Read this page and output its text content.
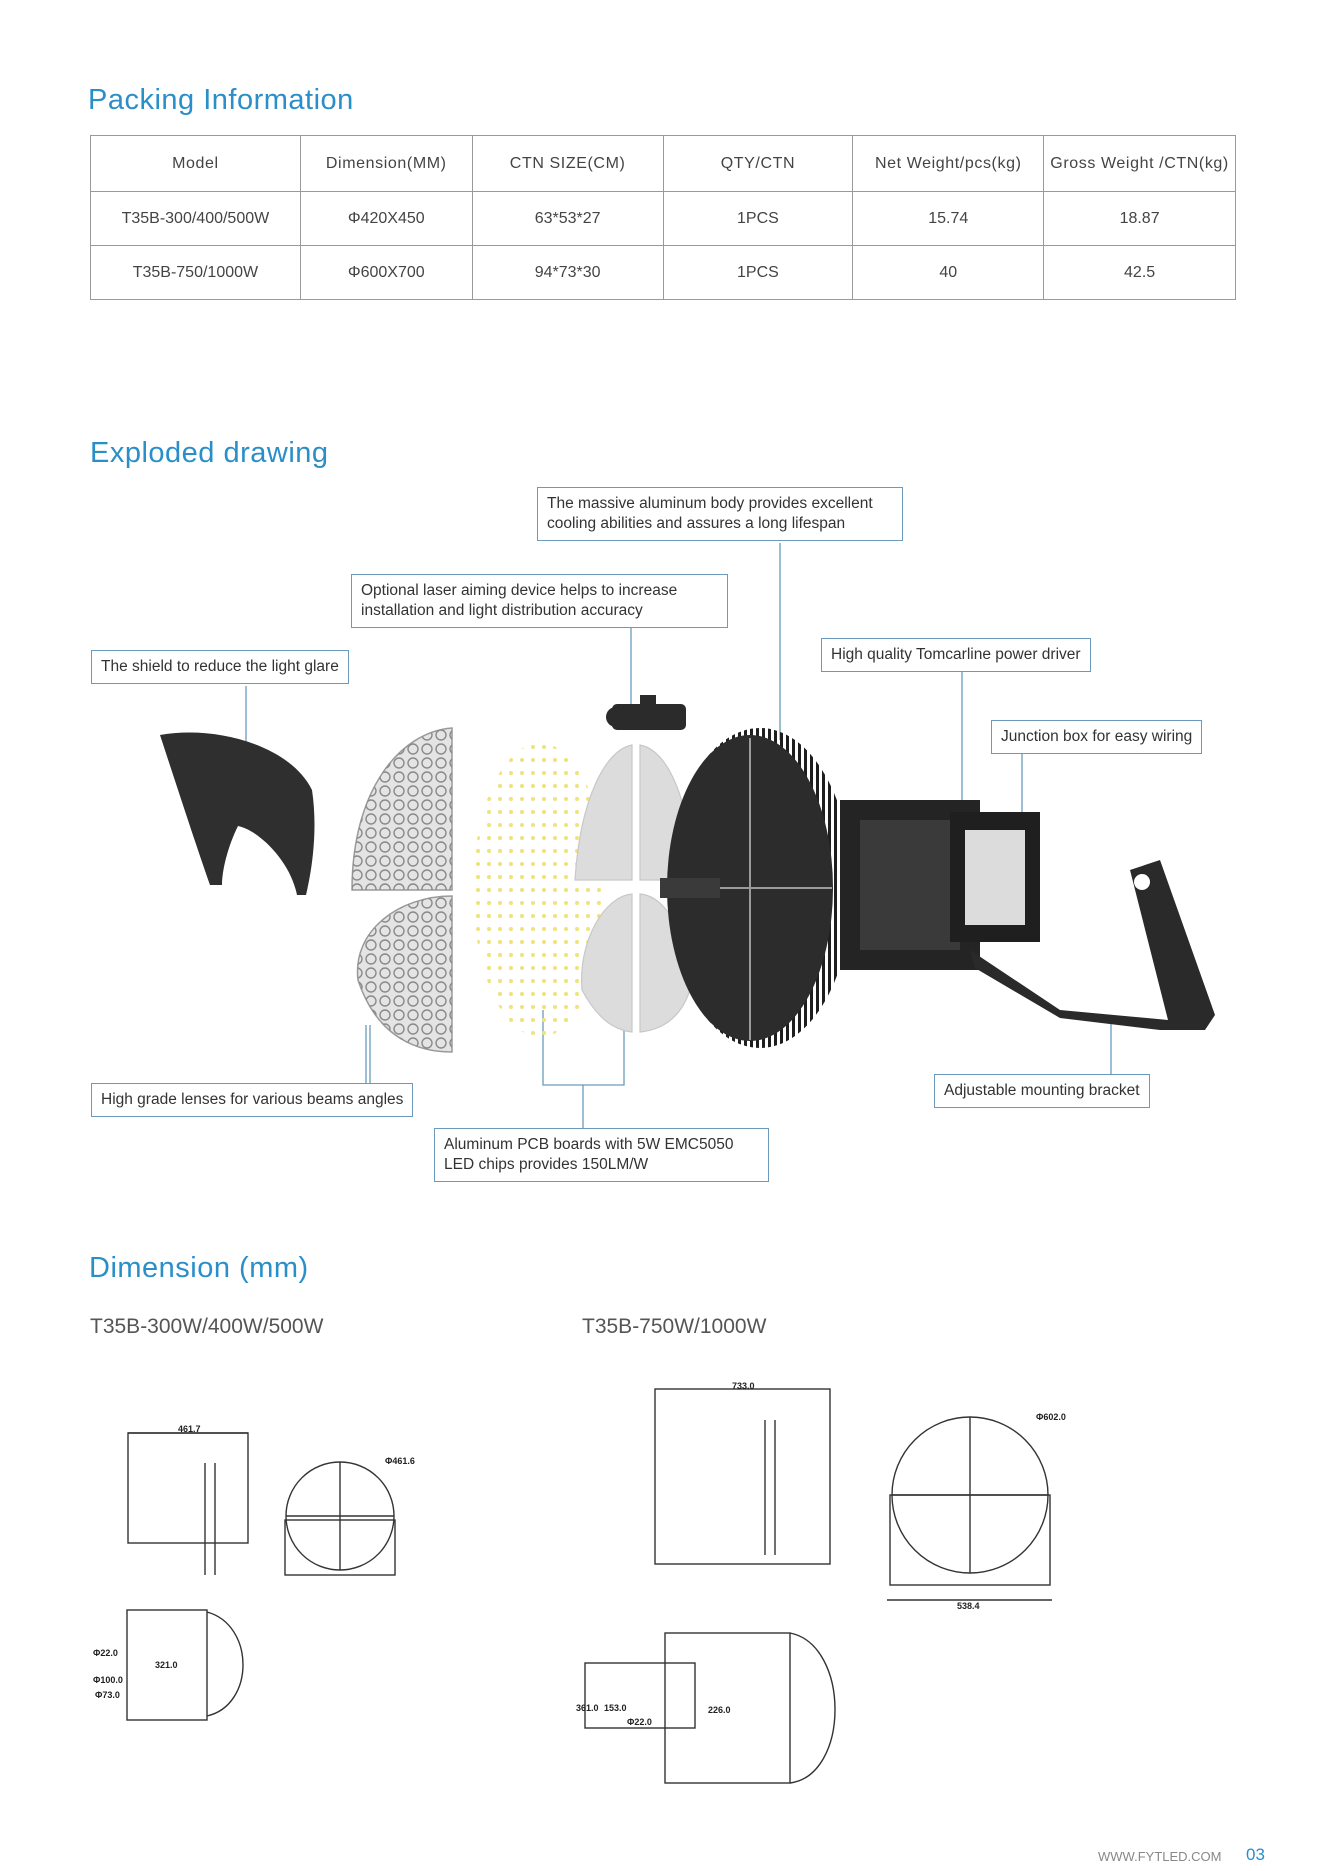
Packing Information
Model	Dimension(MM)	CTN SIZE(CM)	QTY/CTN	Net Weight/pcs(kg)	Gross Weight /CTN(kg)
T35B-300/400/500W	Φ420X450	63*53*27	1PCS	15.74	18.87
T35B-750/1000W	Φ600X700	94*73*30	1PCS	40	42.5
Exploded drawing
The massive aluminum body provides excellent
cooling abilities and assures a long lifespan
Optional laser aiming device helps to increase
installation and light distribution accuracy
The shield to reduce the light glare
High quality Tomcarline power driver
Junction box for easy wiring
High grade lenses for various beams angles
Adjustable mounting bracket
Aluminum PCB boards with 5W EMC5050
LED chips provides 150LM/W
Dimension (mm)
T35B-300W/400W/500W	T35B-750W/1000W
461.7
Φ461.6
Φ22.0
Φ100.0
Φ73.0
321.0
733.0
Φ602.0
538.4
361.0 153.0
Φ22.0
226.0
WWW.FYTLED.COM 03
